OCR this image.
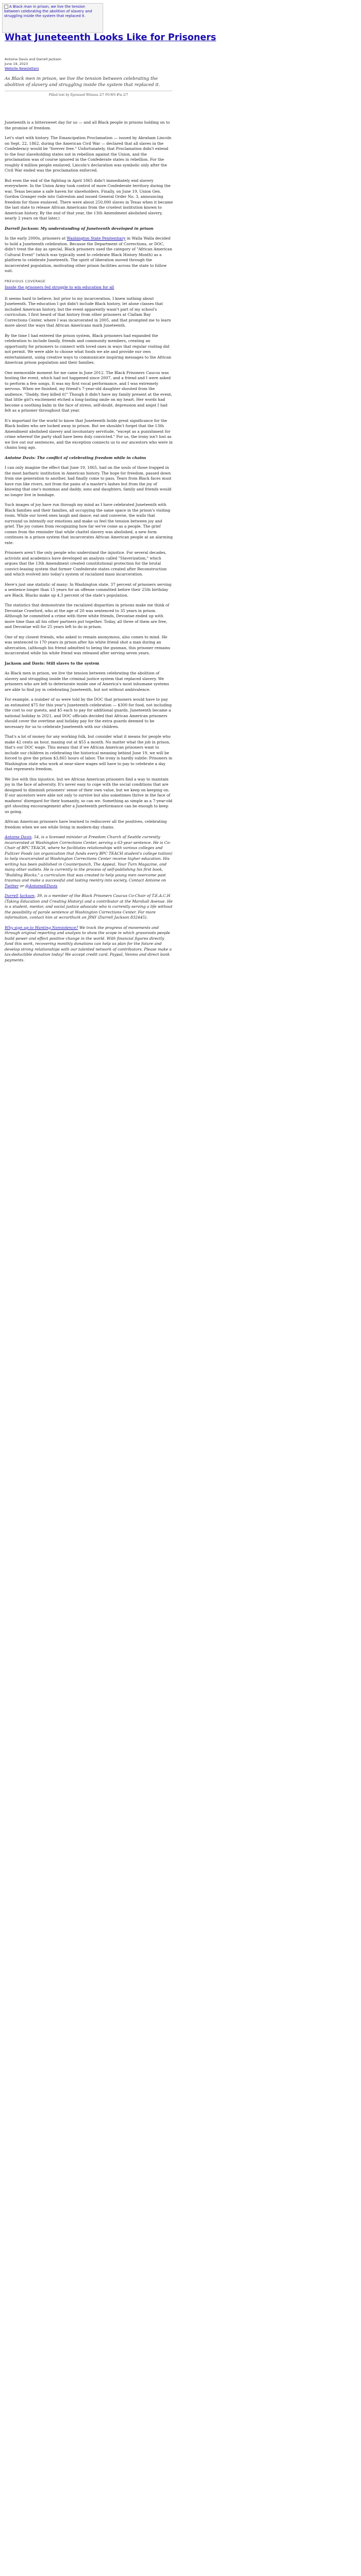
A Black man in prison, we live the tension between celebrating the abolition of slavery and struggling inside the system that replaced it.
What Juneteenth Looks Like for Prisoners
Antoine Davis and Darrell Jackson
June 19, 2023
Website Newsletters
As Black men in prison, we live the tension between celebrating the abolition of slavery and struggling inside the system that replaced it.
Pilled text by Epressed Witness 2/7 F0:W0 #\n 2/7

Juneteenth is a bittersweet day for us — and all Black people in prisons holding on to the promise of freedom.

Let's start with history. The Emancipation Proclamation — issued by Abraham Lincoln on Sept. 22, 1862, during the American Civil War — declared that all slaves in the Confederacy would be "forever free." Unfortunately, that Proclamation didn't extend to the four slaveholding states not in rebellion against the Union, and the proclamation was of course ignored in the Confederate states in rebellion. For the roughly 4 million people enslaved, Lincoln's declaration was symbolic only after the Civil War ended was the proclamation enforced.

But even the end of the fighting in April 1865 didn't immediately end slavery everywhere. In the Union Army took control of more Confederate territory during the war, Texas became a safe haven for slaveholders. Finally, on June 19, Union Gen. Gordon Granger rode into Galveston and issued General Order No. 3, announcing freedom for those enslaved. There were about 250,000 slaves in Texas when it became the last state to release African Americans from the cruelest institution known to American history. By the end of that year, the 13th Amendment abolished slavery, nearly 2 years on that later.)

Darrell Jackson: My understanding of Juneteenth developed in prison

In the early 2000s, prisoners at Washington State Penitentiary in Walla Walla decided to hold a Juneteenth celebration. Because the Department of Corrections, or DOC, didn't treat the day as special, Black prisoners used the category of "African American Cultural Event" (which was typically used to celebrate Black History Month) as a platform to celebrate Juneteenth. The spirit of liberation moved through the incarcerated population, motivating other prison facilities across the state to follow suit.

PREVIOUS COVERAGE
Inside the prisoners fed struggle to win education for all

It seems hard to believe, but prior to my incarceration, I knew nothing about Juneteenth. The education I got didn't include Black history, let alone classes that included American history, but the event apparently wasn't part of my school's curriculum. I first heard of that history from other prisoners at Clallam Bay Corrections Center, where I was incarcerated in 2005, and that prompted me to learn more about the ways that African Americans mark Juneteenth.

By the time I had entered the prison system, Black prisoners had expanded the celebration to include family, friends and community members, creating an opportunity for prisoners to connect with loved ones in ways that regular visiting did not permit. We were able to choose what foods we ate and provide our own entertainment, using creative ways to communicate inspiring messages to the African American prison population and their families.

One memorable moment for me came in June 2012. The Black Prisoners Caucus was hosting the event, which had not happened since 2007, and a friend and I were asked to perform a few songs. It was my first vocal performance, and I was extremely nervous. When we finished, my friend's 7-year-old daughter shouted from the audience, "Daddy, they killed it!" Though it didn't have my family present at the event, that little girl's excitement etched a long-lasting smile on my heart. Her words had become a soothing balm in the face of stress, self-doubt, depression and angst I had felt as a prisoner throughout that year.

It's important for the world to know that Juneteenth holds great significance for the Black bodies who are locked away in prison. But we shouldn't forget that the 13th Amendment abolished slavery and involuntary servitude, "except as a punishment for crime whereof the party shall have been duly convicted." For us, the irony isn't lost as we live out our sentences, and the exception connects us to our ancestors who were in chains long ago.

Antoine Davis: The conflict of celebrating freedom while in chains

I can only imagine the effect that June 19, 1865, had on the souls of those trapped in the most barbaric institution in American history. The hope for freedom, passed down from one generation to another, had finally come to pass. Tears from Black faces must have run like rivers, not from the pains of a master's lashes but from the joy of knowing that one's mommas and daddy, sons and daughters, family and friends would no longer live in bondage.

Such images of joy have run through my mind as I have celebrated Juneteenth with Black families and their families, all occupying the same space in the prison's visiting room. While our loved ones laugh and dance, eat and converse, the walls that surround us intensify our emotions and make us feel the tension between joy and grief. The joy comes from recognizing how far we've come as a people. The grief comes from the reminder that while chattel slavery was abolished, a new form continues in a prison system that incarcerates African American people at an alarming rate.

Prisoners aren't the only people who understand the injustice. For several decades, activists and academics have developed an analysis called "Slaverization," which argues that the 13th Amendment created constitutional protection for the brutal convict-leasing system that former Confederate states created after Reconstruction and which evolved into today's system of racialized mass incarceration.

Here's just one statistic of many: In Washington state, 37 percent of prisoners serving a sentence longer than 15 years for an offense committed before their 25th birthday are Black. Blacks make up 4.3 percent of the state's population.

The statistics that demonstrate the racialized disparities in prisons make me think of Devontae Crawford, who at the age of 20 was sentenced to 35 years in prison. Although he committed a crime with three white friends, Devontae ended up with more time than all his other partners put together. Today, all three of them are free, and Devontae will for 25 years left to do in prison.

One of my closest friends, who asked to remain anonymous, also comes to mind. He was sentenced to 170 years in prison after his white friend shot a man during an altercation, (although his friend admitted to being the gunman, this prisoner remains incarcerated while his white friend was released after serving seven years.

Jackson and Davis: Still slaves to the system

As Black men in prison, we live the tension between celebrating the abolition of slavery and struggling inside the criminal justice system that replaced slavery. We prisoners who are left to deteriorate inside one of America's most inhumane systems are able to find joy in celebrating Juneteenth, but not without ambivalence.

For example, a number of us were told by the DOC that prisoners would have to pay an estimated $75 for this year's Juneteenth celebration — $300 for food, not including the cost to our guests, and $5 each to pay for additional guards. Juneteenth became a national holiday in 2021, and DOC officials decided that African American prisoners should cover the overtime and holiday pay for the extra guards deemed to be necessary for us to celebrate Juneteenth with our children.

That's a lot of money for any working folk, but consider what it means for people who make 42 cents an hour, maxing out at $55 a month. No matter what the job in prison, that's our DOC wage. This means that if we African American prisoners want to include our children in celebrating the historical meaning behind June 19, we will be forced to give the prison $3,865 hours of labor. The irony is hardly subtle: Prisoners in Washington state who work at near-slave wages will have to pay to celebrate a day that represents freedom.

We live with this injustice, but we African American prisoners find a way to maintain joy in the face of adversity. It's never easy to cope with the social conditions that are designed to diminish prisoners' sense of their own value, but we keep on keeping on. If our ancestors were able not only to survive but also sometimes thrive in the face of madness' disregard for their humanity, so can we. Something as simple as a 7-year-old girl shouting encouragement after a Juneteenth performance can be enough to keep us going.

African American prisoners have learned to rediscover all the positives, celebrating freedom when we see while living in modern-day chains.

Antoine Davis, 54, is a licensed minister at Freedom Church of Seattle currently incarcerated at Washington Corrections Center, serving a 63-year sentence. He is Co-Chair of BPC TEACH, where he facilitates relationships with various colleges and Pulitzer Foods (an organization that funds every BPC TEACH student's college tuition) to help incarcerated at Washington Corrections Center receive higher education. His writing has been published in Counterpunch, The Appeal, Your Turn Magazine, and many other outlets. He is currently in the process of self-publishing his first book, "Building Blocks," a curriculum that was created to help young men overcome past traumas and make a successful and lasting reentry into society. Contact Antoine on Twitter or @AntoineEDavis

Darrell Jackson, 39, is a member of the Black Prisoners Caucus Co-Chair of T.E.A.C.H (Taking Education and Creating History) and a contributor at the Marshall Avenue. He is a student, mentor, and social justice advocate who is currently serving a life without the possibility of parole sentence at Washington Corrections Center. For more information, contact him at wcrarthurk on JPAY (Darrell Jackson 832445).

Why sign up to Wanting Nonviolence? We track the progress of movements and through original reporting and analysis to show the scope in which grassroots people build power and effect positive change in the world. With financial figures directly fund this work, recovering monthly donations can help us plan for the future and develop strong relationships with our talented network of contributors. Please make a tax-deductible donation today! We accept credit card, Paypal, Venmo and direct bank payments.
